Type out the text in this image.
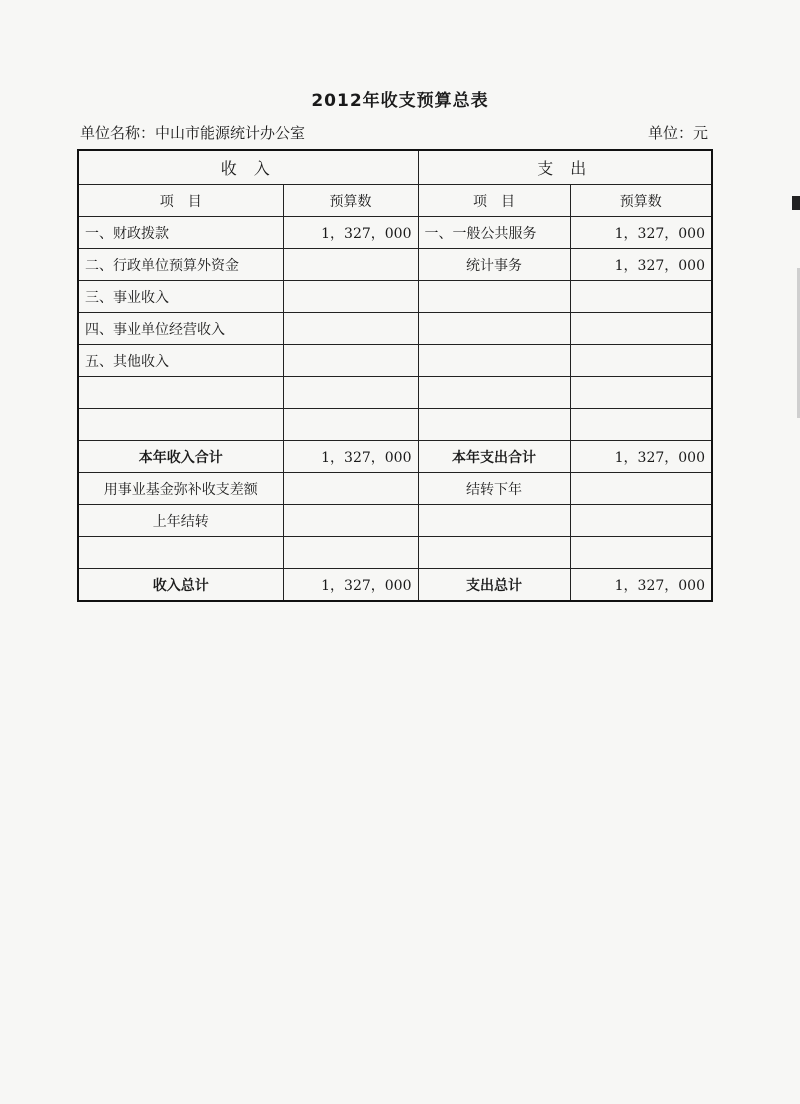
2012年收支预算总表
单位名称：中山市能源统计办公室	单位：元
收 入		支 出	
项　目	预算数	项　目	预算数
一、财政拨款	1，327，000	一、一般公共服务	1，327，000
二、行政单位预算外资金		统计事务	1，327，000
三、事业收入			
四、事业单位经营收入			
五、其他收入			

本年收入合计	1，327，000	本年支出合计	1，327，000
用事业基金弥补收支差额		结转下年	
上年结转			

收入总计	1，327，000	支出总计	1，327，000
